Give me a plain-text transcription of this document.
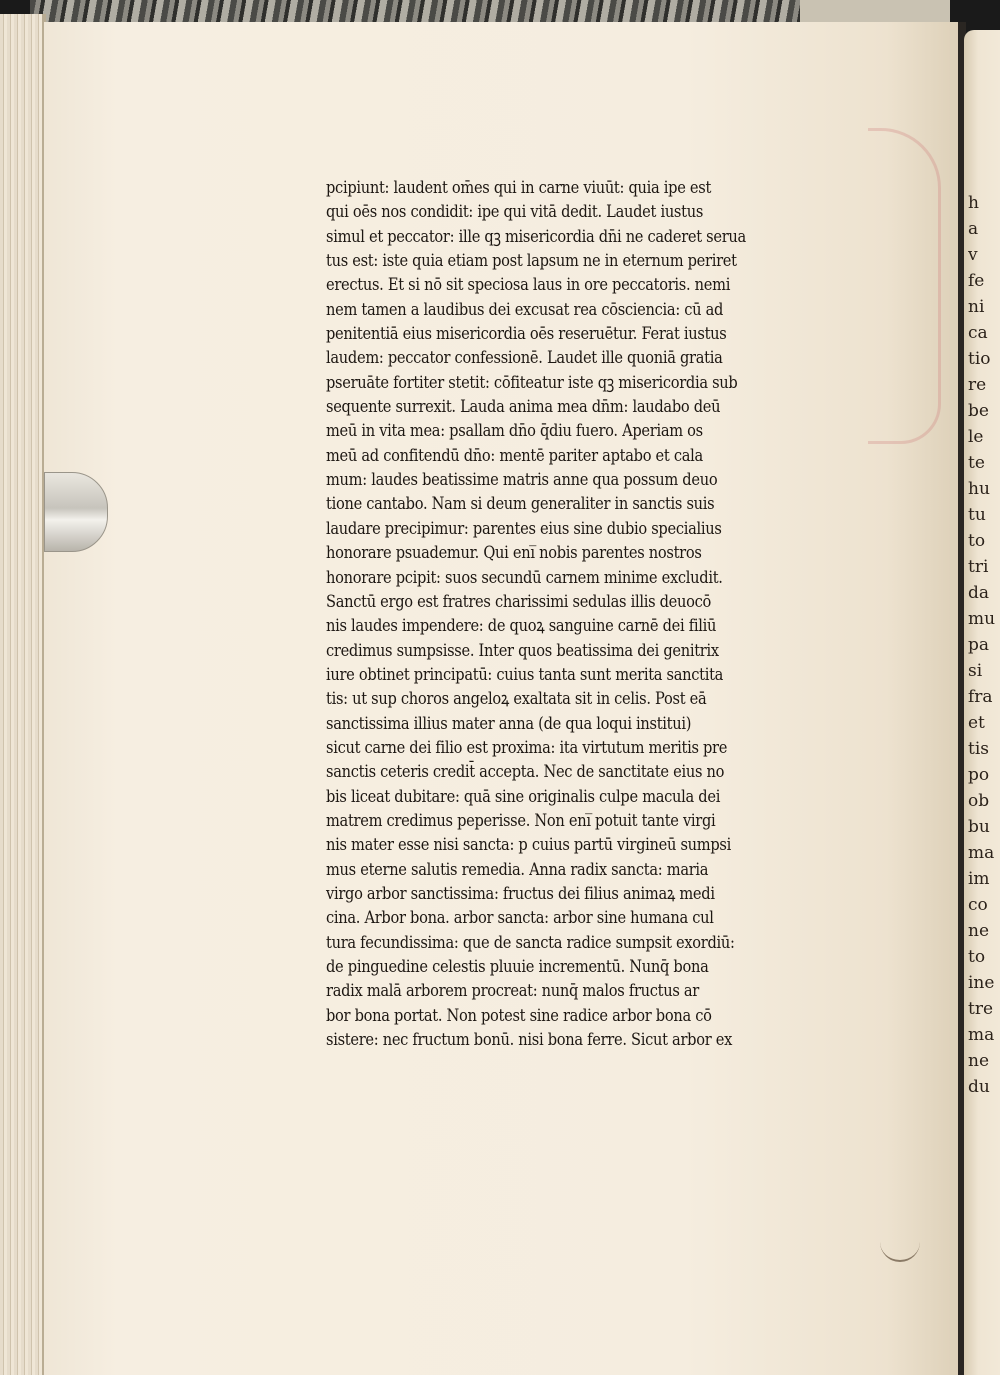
pcipiunt: laudent om̄es qui in carne viuūt: quia ipe est
qui oēs nos condidit: ipe qui vitā dedit. Laudet iustus
simul et peccator: ille qꝫ misericordia dn̄i ne caderet serua
tus est: iste quia etiam post lapsum ne in eternum periret
erectus. Et si nō sit speciosa laus in ore peccatoris. nemi
nem tamen a laudibus dei excusat rea cōsciencia: cū ad
penitentiā eius misericordia oēs reseruētur. Ferat iustus
laudem: peccator confessionē. Laudet ille quoniā gratia
pseruāte fortiter stetit: cōfiteatur iste qꝫ misericordia sub
sequente surrexit. Lauda anima mea dn̄m: laudabo deū
meū in vita mea: psallam dn̄o q̄diu fuero. Aperiam os
meū ad confitendū dn̄o: mentē pariter aptabo et cala
mum: laudes beatissime matris anne qua possum deuo
tione cantabo. Nam si deum generaliter in sanctis suis
laudare precipimur: parentes eius sine dubio specialius
honorare psuademur. Qui eni̅ nobis parentes nostros
honorare pcipit: suos secundū carnem minime excludit.
Sanctū ergo est fratres charissimi sedulas illis deuocō
nis laudes impendere: de quoꝝ sanguine carnē dei filiū
credimus sumpsisse. Inter quos beatissima dei genitrix
iure obtinet principatū: cuius tanta sunt merita sanctita
tis: ut sup choros angeloꝝ exaltata sit in celis. Post eā
sanctissima illius mater anna (de qua loqui institui)
sicut carne dei filio est proxima: ita virtutum meritis pre
sanctis ceteris credit̄ accepta. Nec de sanctitate eius no
bis liceat dubitare: quā sine originalis culpe macula dei
matrem credimus peperisse. Non eni̅ potuit tante virgi
nis mater esse nisi sancta: p cuius partū virgineū sumpsi
mus eterne salutis remedia. Anna radix sancta: maria
virgo arbor sanctissima: fructus dei filius animaꝝ medi
cina. Arbor bona. arbor sancta: arbor sine humana cul
tura fecundissima: que de sancta radice sumpsit exordiū:
de pinguedine celestis pluuie incrementū. Nunq̄ bona
radix malā arborem procreat: nunq̄ malos fructus ar
bor bona portat. Non potest sine radice arbor bona cō
sistere: nec fructum bonū. nisi bona ferre. Sicut arbor ex
h
a
v
fe
ni
ca
tio
re
be
le
te
hu
tu
to
tri
da
mu
pa
si
fra
et
tis
po
ob
bu
ma
im
co
ne
to
ine
tre
ma
ne
du
